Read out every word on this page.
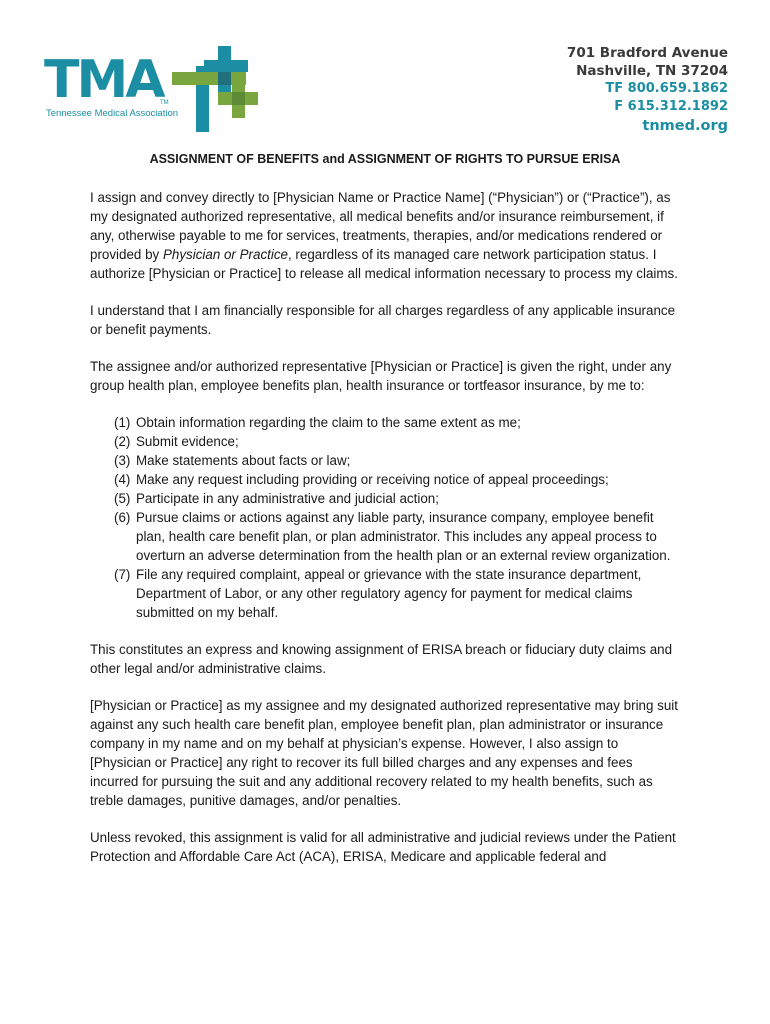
TMA
TM
Tennessee Medical Association
701 Bradford Avenue
Nashville, TN 37204
TF 800.659.1862
F 615.312.1892
tnmed.org
ASSIGNMENT OF BENEFITS and ASSIGNMENT OF RIGHTS TO PURSUE ERISA

I assign and convey directly to [Physician Name or Practice Name] (“Physician”) or (“Practice”), as my designated authorized representative, all medical benefits and/or insurance reimbursement, if any, otherwise payable to me for services, treatments, therapies, and/or medications rendered or provided by Physician or Practice, regardless of its managed care network participation status. I authorize [Physician or Practice] to release all medical information necessary to process my claims.

I understand that I am financially responsible for all charges regardless of any applicable insurance or benefit payments.

The assignee and/or authorized representative [Physician or Practice] is given the right, under any group health plan, employee benefits plan, health insurance or tortfeasor insurance, by me to:

(1) Obtain information regarding the claim to the same extent as me;
(2) Submit evidence;
(3) Make statements about facts or law;
(4) Make any request including providing or receiving notice of appeal proceedings;
(5) Participate in any administrative and judicial action;
(6) Pursue claims or actions against any liable party, insurance company, employee benefit plan, health care benefit plan, or plan administrator. This includes any appeal process to overturn an adverse determination from the health plan or an external review organization.
(7) File any required complaint, appeal or grievance with the state insurance department, Department of Labor, or any other regulatory agency for payment for medical claims submitted on my behalf.

This constitutes an express and knowing assignment of ERISA breach or fiduciary duty claims and other legal and/or administrative claims.

[Physician or Practice] as my assignee and my designated authorized representative may bring suit against any such health care benefit plan, employee benefit plan, plan administrator or insurance company in my name and on my behalf at physician’s expense. However, I also assign to [Physician or Practice] any right to recover its full billed charges and any expenses and fees incurred for pursuing the suit and any additional recovery related to my health benefits, such as treble damages, punitive damages, and/or penalties.

Unless revoked, this assignment is valid for all administrative and judicial reviews under the Patient Protection and Affordable Care Act (ACA), ERISA, Medicare and applicable federal and
